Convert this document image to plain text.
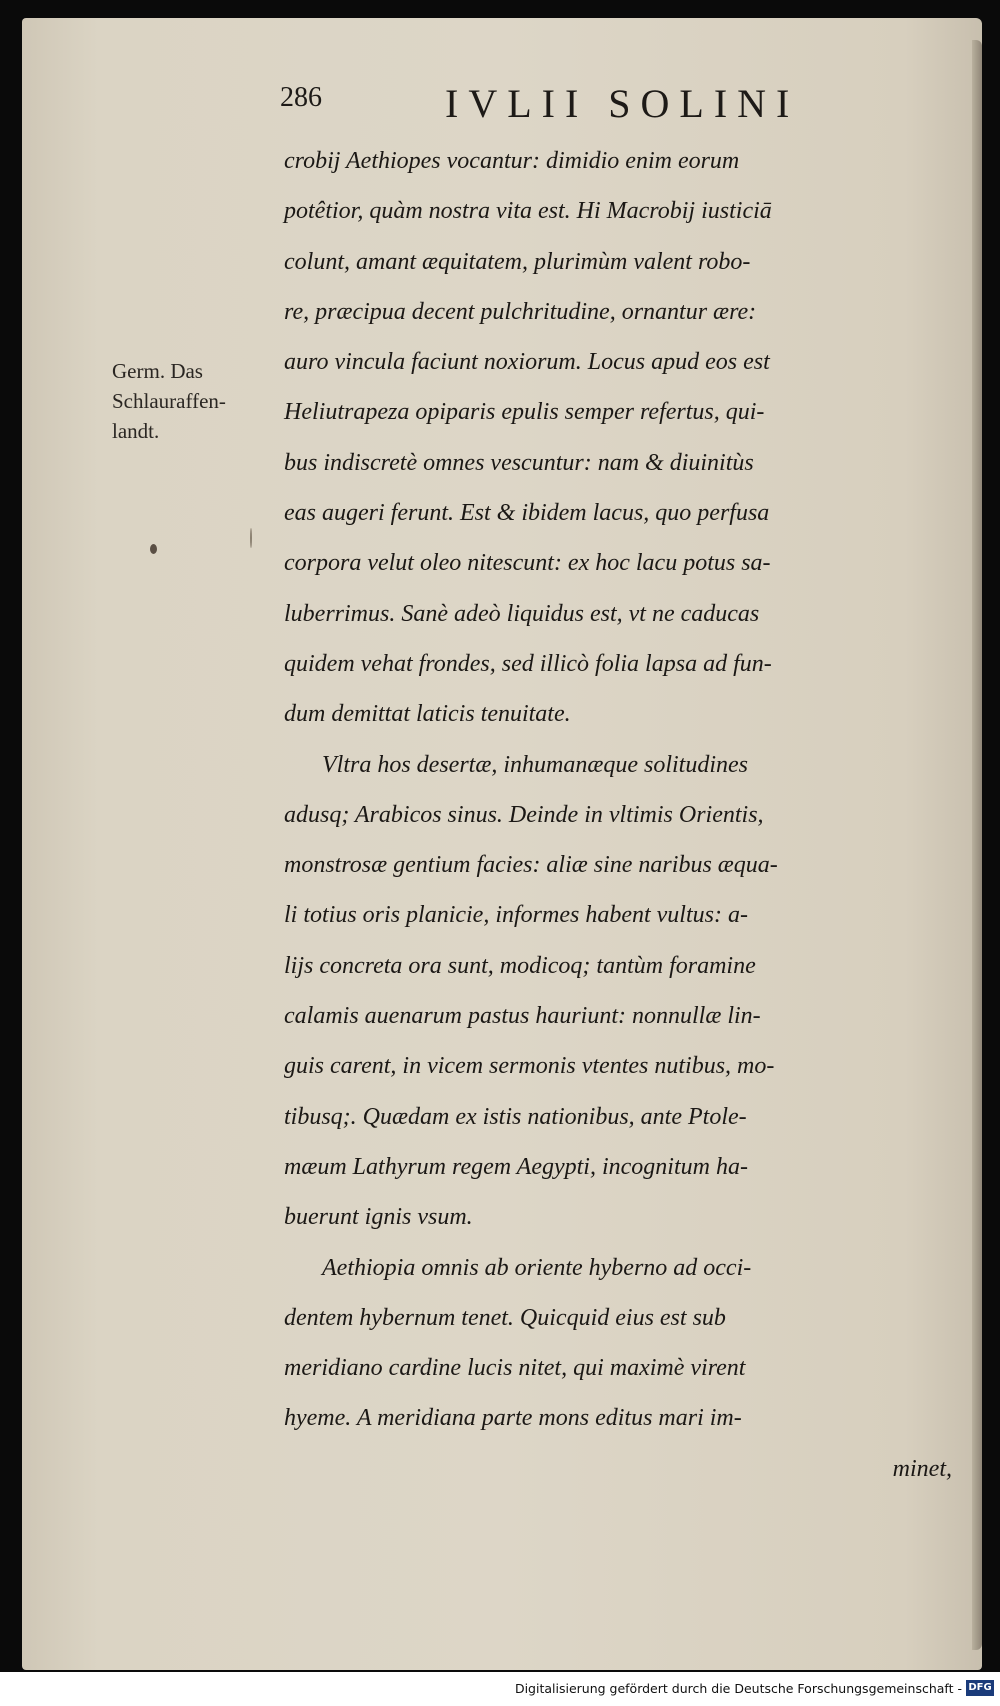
286	IVLII SOLINI
Germ. Das
Schlauraffen-
landt.
crobij Aethiopes vocantur: dimidio enim eorum
potêtior, quàm nostra vita est. Hi Macrobij iusticiā
colunt, amant æquitatem, plurimùm valent robo-
re, præcipua decent pulchritudine, ornantur ære:
auro vincula faciunt noxiorum. Locus apud eos est
Heliutrapeza opiparis epulis semper refertus, qui-
bus indiscretè omnes vescuntur: nam & diuinitùs
eas augeri ferunt. Est & ibidem lacus, quo perfusa
corpora velut oleo nitescunt: ex hoc lacu potus sa-
luberrimus. Sanè adeò liquidus est, vt ne caducas
quidem vehat frondes, sed illicò folia lapsa ad fun-
dum demittat laticis tenuitate.
Vltra hos desertæ, inhumanæque solitudines
adusq; Arabicos sinus. Deinde in vltimis Orientis,
monstrosæ gentium facies: aliæ sine naribus æqua-
li totius oris planicie, informes habent vultus: a-
lijs concreta ora sunt, modicoq; tantùm foramine
calamis auenarum pastus hauriunt: nonnullæ lin-
guis carent, in vicem sermonis vtentes nutibus, mo-
tibusq;. Quædam ex istis nationibus, ante Ptole-
mæum Lathyrum regem Aegypti, incognitum ha-
buerunt ignis vsum.
Aethiopia omnis ab oriente hyberno ad occi-
dentem hybernum tenet. Quicquid eius est sub
meridiano cardine lucis nitet, qui maximè virent
hyeme. A meridiana parte mons editus mari im-
minet,
Digitalisierung gefördert durch die Deutsche Forschungsgemeinschaft - DFG
